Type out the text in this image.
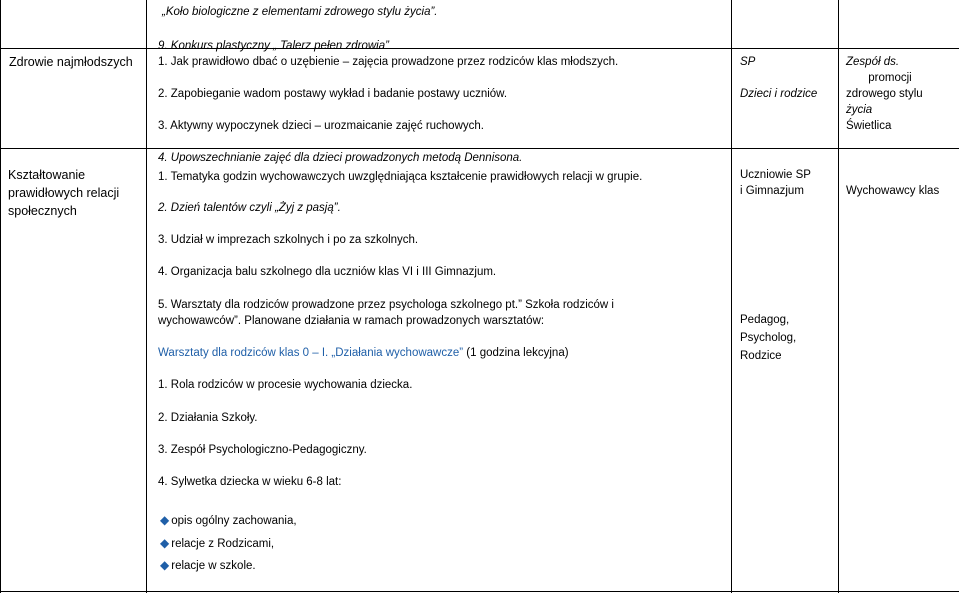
„Koło biologiczne z elementami zdrowego stylu życia”.
9. Konkurs plastyczny „ Talerz pełen zdrowia”
Zdrowie najmłodszych 1. Jak prawidłowo dbać o uzębienie – zajęcia prowadzone przez rodziców klas młodszych.
2. Zapobieganie wadom postawy wykład i badanie postawy uczniów.
3. Aktywny wypoczynek dzieci – urozmaicanie zajęć ruchowych.
4. Upowszechnianie zajęć dla dzieci prowadzonych metodą Dennisona.
SP
Dzieci i rodzice
Zespół ds.
promocji
zdrowego stylu
życia
Świetlica
Kształtowanie
prawidłowych relacji
społecznych
1. Tematyka godzin wychowawczych uwzględniająca kształcenie prawidłowych relacji w grupie.
2. Dzień talentów czyli „Żyj z pasją”.
3. Udział w imprezach szkolnych i po za szkolnych.
4. Organizacja balu szkolnego dla uczniów klas VI i III Gimnazjum.
5. Warsztaty dla rodziców prowadzone przez psychologa szkolnego pt.” Szkoła rodziców i
wychowawców”. Planowane działania w ramach prowadzonych warsztatów:
Warsztaty dla rodziców klas 0 – I. „Działania wychowawcze” (1 godzina lekcyjna)
1. Rola rodziców w procesie wychowania dziecka.
2. Działania Szkoły.
3. Zespół Psychologiczno-Pedagogiczny.
4. Sylwetka dziecka w wieku 6-8 lat:
◆ opis ogólny zachowania,
◆ relacje z Rodzicami,
◆ relacje w szkole.
Uczniowie SP
i Gimnazjum	Wychowawcy klas
Pedagog,
Psycholog,
Rodzice
